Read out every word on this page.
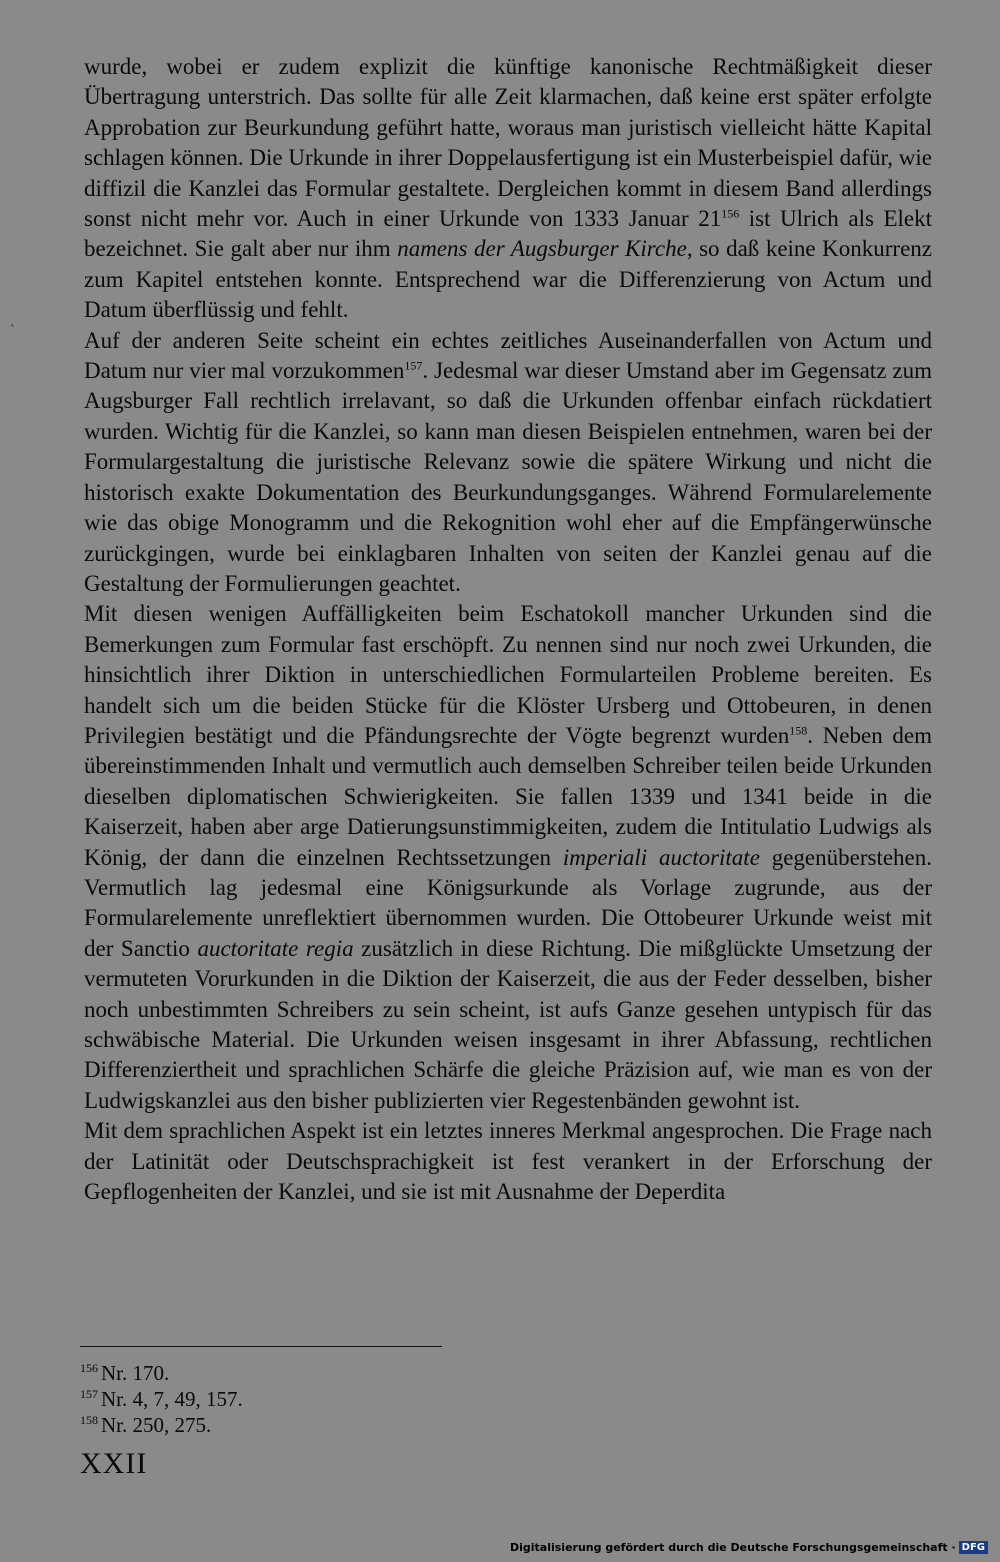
wurde, wobei er zudem explizit die künftige kanonische Rechtmäßigkeit dieser Übertragung unterstrich. Das sollte für alle Zeit klarmachen, daß keine erst später erfolgte Approbation zur Beurkundung geführt hatte, woraus man juristisch vielleicht hätte Kapital schlagen können. Die Urkunde in ihrer Doppelausfertigung ist ein Musterbeispiel dafür, wie diffizil die Kanzlei das Formular gestaltete. Dergleichen kommt in diesem Band allerdings sonst nicht mehr vor. Auch in einer Urkunde von 1333 Januar $21^{156}$ ist Ulrich als Elekt bezeichnet. Sie galt aber nur ihm namens der Augsburger Kirche, so daß keine Konkurrenz zum Kapitel entstehen konnte. Entsprechend war die Differenzierung von Actum und Datum überflüssig und fehlt.

Auf der anderen Seite scheint ein echtes zeitliches Auseinanderfallen von Actum und Datum nur vier mal vorzukommen$^{157}$. Jedesmal war dieser Umstand aber im Gegensatz zum Augsburger Fall rechtlich irrelavant, so daß die Urkunden offenbar einfach rückdatiert wurden. Wichtig für die Kanzlei, so kann man diesen Beispielen entnehmen, waren bei der Formulargestaltung die juristische Relevanz sowie die spätere Wirkung und nicht die historisch exakte Dokumentation des Beurkundungsganges. Während Formularelemente wie das obige Monogramm und die Rekognition wohl eher auf die Empfängerwünsche zurückgingen, wurde bei einklagbaren Inhalten von seiten der Kanzlei genau auf die Gestaltung der Formulierungen geachtet.

Mit diesen wenigen Auffälligkeiten beim Eschatokoll mancher Urkunden sind die Bemerkungen zum Formular fast erschöpft. Zu nennen sind nur noch zwei Urkunden, die hinsichtlich ihrer Diktion in unterschiedlichen Formularteilen Probleme bereiten. Es handelt sich um die beiden Stücke für die Klöster Ursberg und Ottobeuren, in denen Privilegien bestätigt und die Pfändungsrechte der Vögte begrenzt wurden$^{158}$. Neben dem übereinstimmenden Inhalt und vermutlich auch demselben Schreiber teilen beide Urkunden dieselben diplomatischen Schwierigkeiten. Sie fallen 1339 und 1341 beide in die Kaiserzeit, haben aber arge Datierungsunstimmigkeiten, zudem die Intitulatio Ludwigs als König, der dann die einzelnen Rechtssetzungen imperiali auctoritate gegenüberstehen. Vermutlich lag jedesmal eine Königsurkunde als Vorlage zugrunde, aus der Formularelemente unreflektiert übernommen wurden. Die Ottobeurer Urkunde weist mit der Sanctio auctoritate regia zusätzlich in diese Richtung. Die mißglückte Umsetzung der vermuteten Vorurkunden in die Diktion der Kaiserzeit, die aus der Feder desselben, bisher noch unbestimmten Schreibers zu sein scheint, ist aufs Ganze gesehen untypisch für das schwäbische Material. Die Urkunden weisen insgesamt in ihrer Abfassung, rechtlichen Differenziertheit und sprachlichen Schärfe die gleiche Präzision auf, wie man es von der Ludwigskanzlei aus den bisher publizierten vier Regestenbänden gewohnt ist.

Mit dem sprachlichen Aspekt ist ein letztes inneres Merkmal angesprochen. Die Frage nach der Latinität oder Deutschsprachigkeit ist fest verankert in der Erforschung der Gepflogenheiten der Kanzlei, und sie ist mit Ausnahme der Deperdita

`
$^{156}$ Nr. 170.
$^{157}$ Nr. 4, 7, 49, 157.
$^{158}$ Nr. 250, 275.
XXII
Digitalisierung gefördert durch die Deutsche Forschungsgemeinschaft · DFG
